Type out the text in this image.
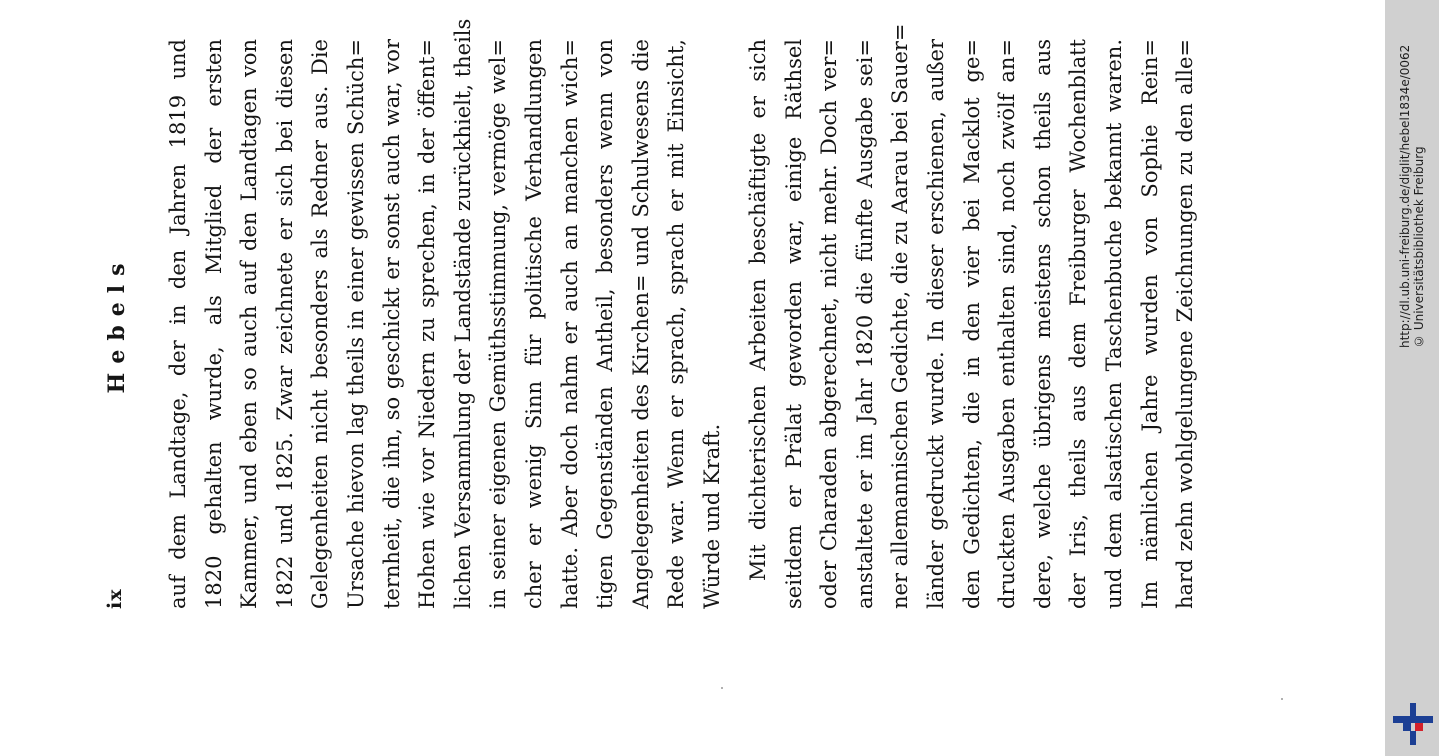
ix
Hebels auf dem Landtage, der in den Jahren 1819 und 1820 gehalten wurde, als Mitglied der ersten Kammer, und eben so auch auf den Landtagen von 1822 und 1825. Zwar zeichnete er sich bei diesen Gelegenheiten nicht besonders als Redner aus. Die Ursache hievon lag theils in einer gewissen Schüch= ternheit, die ihn, so geschickt er sonst auch war, vor Hohen wie vor Niedern zu sprechen, in der öffent= lichen Versammlung der Landstände zurückhielt, theils in seiner eigenen Gemüthsstimmung, vermöge wel= cher er wenig Sinn für politische Verhandlungen hatte. Aber doch nahm er auch an manchen wich= tigen Gegenständen Antheil, besonders wenn von Angelegenheiten des Kirchen= und Schulwesens die Rede war. Wenn er sprach, sprach er mit Einsicht, Würde und Kraft.	Mit dichterischen Arbeiten beschäftigte er sich seitdem er Prälat geworden war, einige Räthsel oder Charaden abgerechnet, nicht mehr. Doch ver= anstaltete er im Jahr 1820 die fünfte Ausgabe sei= ner allemannischen Gedichte, die zu Aarau bei Sauer= länder gedruckt wurde. In dieser erschienen, außer den Gedichten, die in den vier bei Macklot ge= druckten Ausgaben enthalten sind, noch zwölf an= dere, welche übrigens meistens schon theils aus der Iris, theils aus dem Freiburger Wochenblatt und dem alsatischen Taschenbuche bekannt waren. Im nämlichen Jahre wurden von Sophie Rein= hard zehn wohlgelungene Zeichnungen zu den alle=	http://dl.ub.uni-freiburg.de/diglit/hebel1834e/0062 © Universitätsbibliothek Freiburg
